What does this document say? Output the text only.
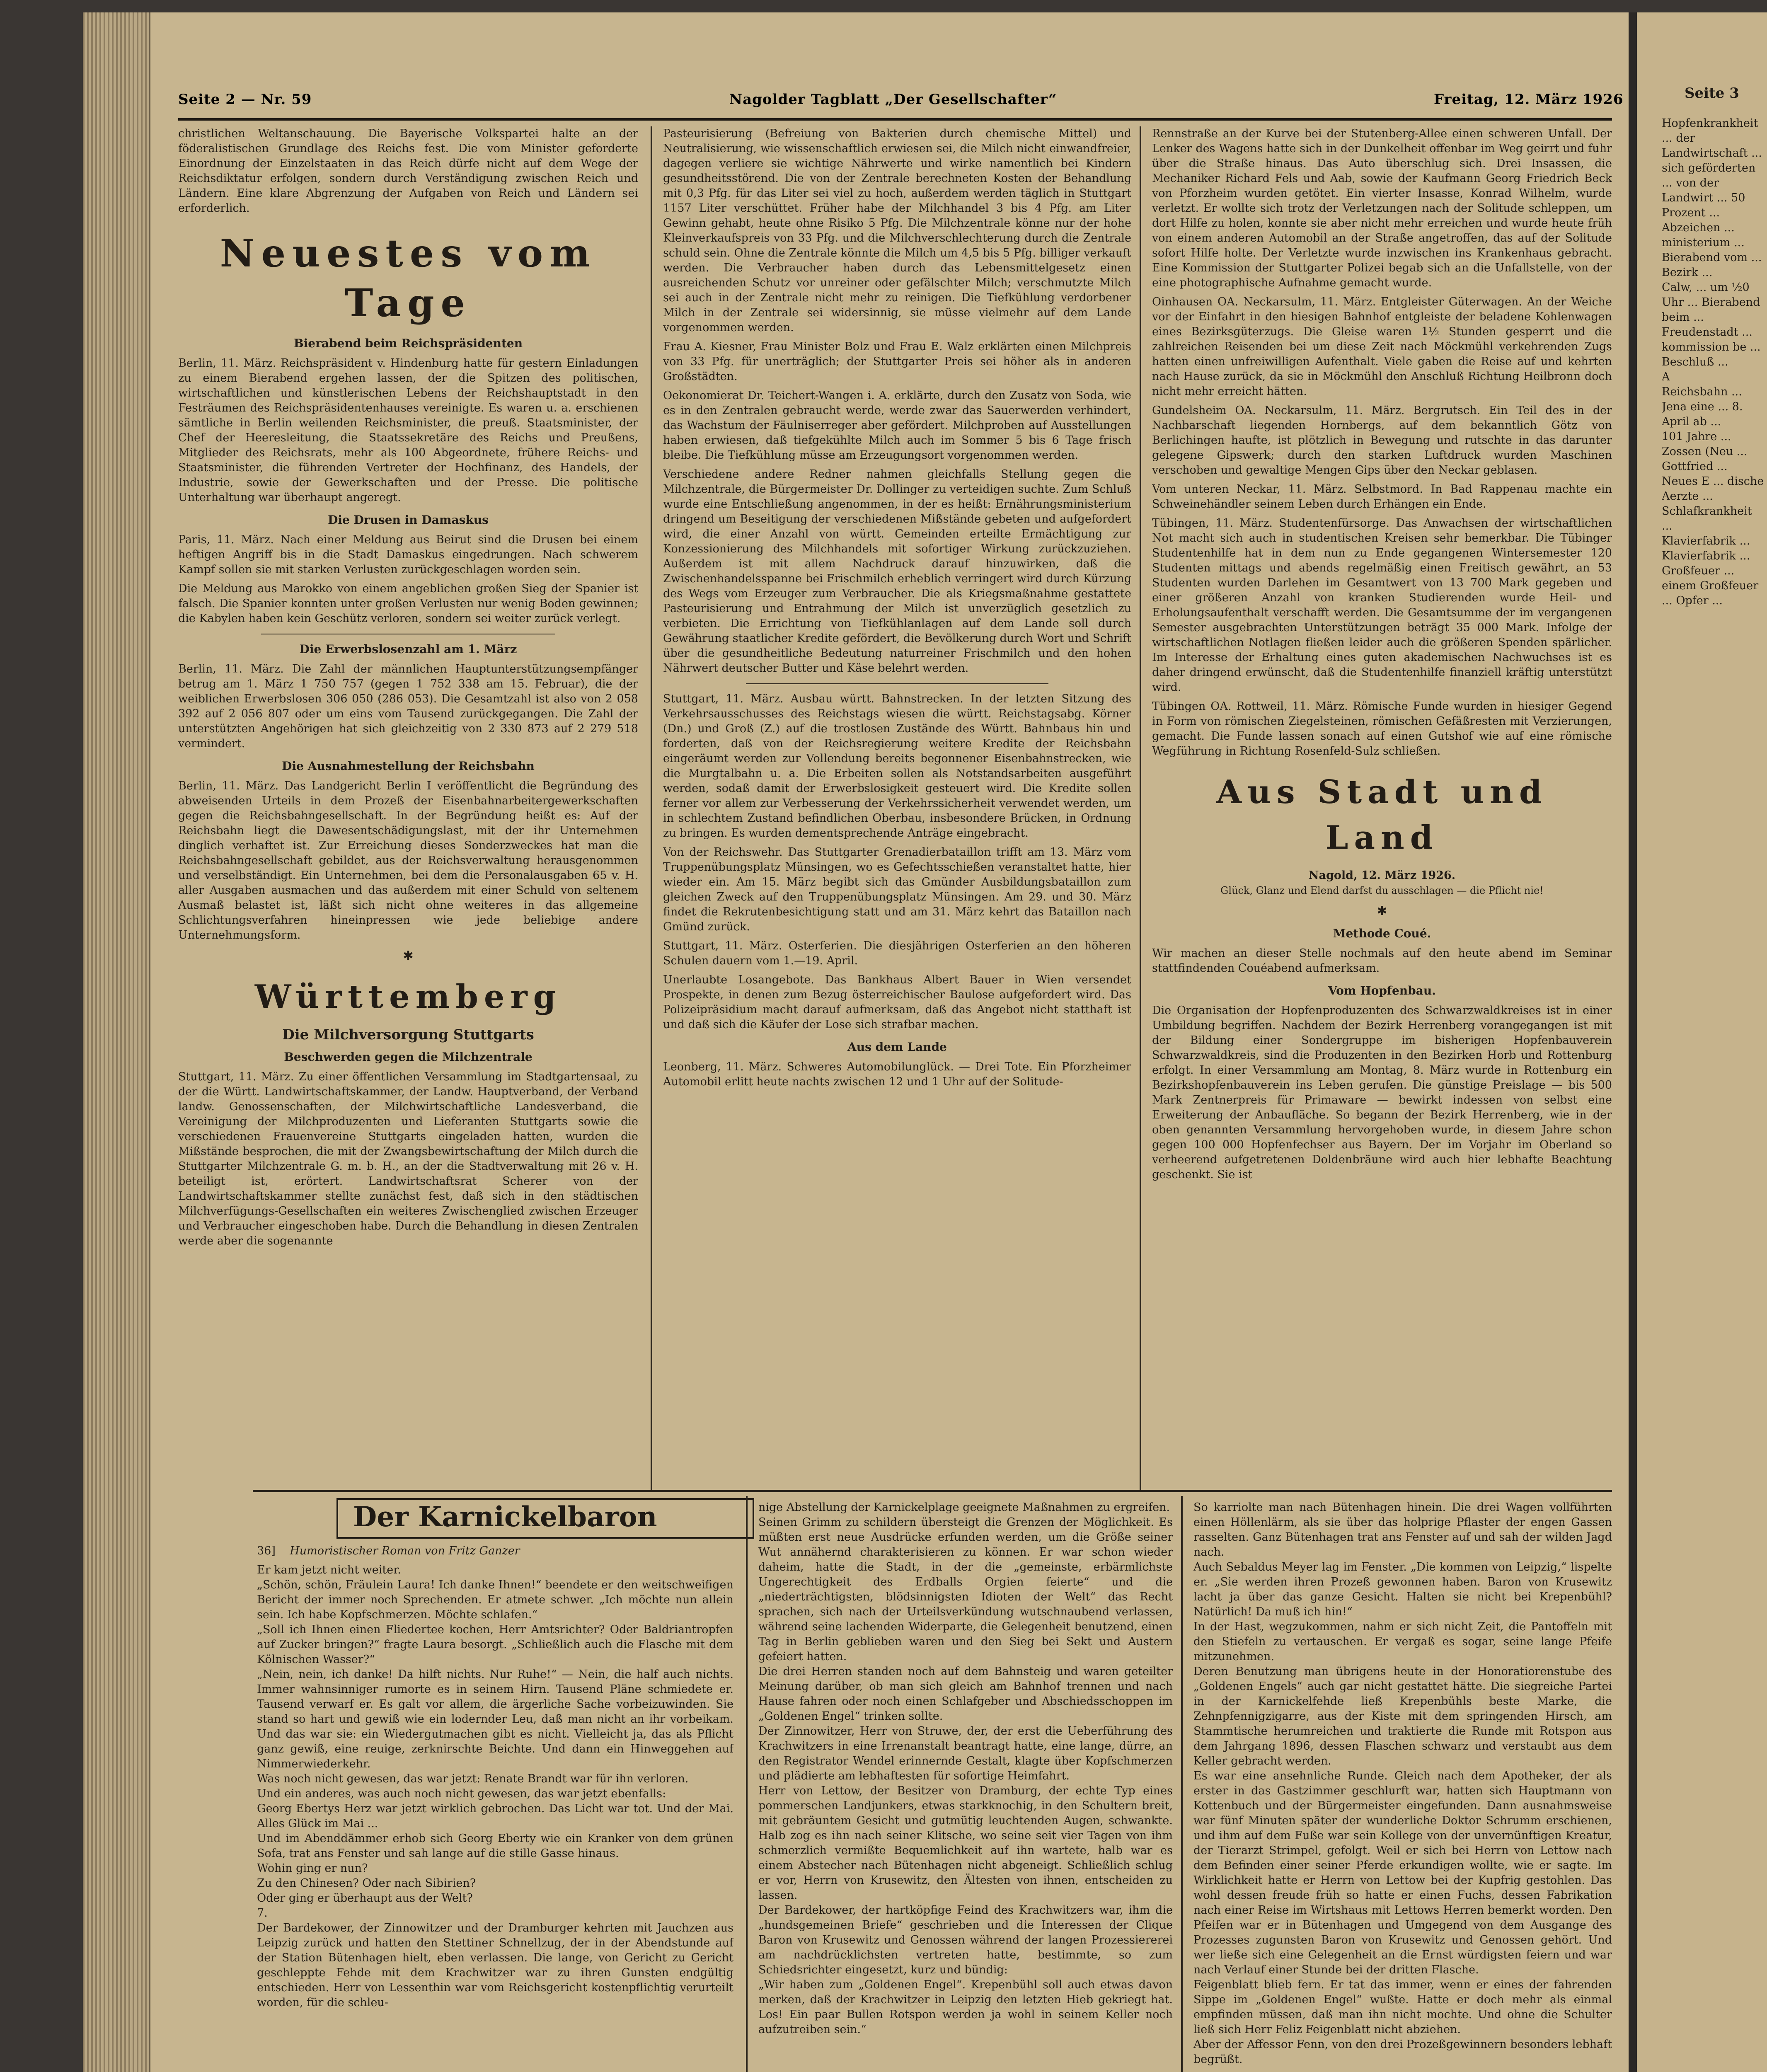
Seite 2 — Nr. 59	Nagolder Tagblatt „Der Gesellschafter“	Freitag, 12. März 1926

christlichen Weltanschauung. Die Bayerische Volkspartei halte an der föderalistischen Grundlage des Reichs fest. Die vom Minister geforderte Einordnung der Einzelstaaten in das Reich dürfe nicht auf dem Wege der Reichsdiktatur erfolgen, sondern durch Verständigung zwischen Reich und Ländern. Eine klare Abgrenzung der Aufgaben von Reich und Ländern sei erforderlich.

Neuestes vom Tage
Bierabend beim Reichspräsidenten

Berlin, 11. März. Reichspräsident v. Hindenburg hatte für gestern Einladungen zu einem Bierabend ergehen lassen, der die Spitzen des politischen, wirtschaftlichen und künstlerischen Lebens der Reichshauptstadt in den Festräumen des Reichspräsidentenhauses vereinigte. Es waren u. a. erschienen sämtliche in Berlin weilenden Reichsminister, die preuß. Staatsminister, der Chef der Heeresleitung, die Staatssekretäre des Reichs und Preußens, Mitglieder des Reichsrats, mehr als 100 Abgeordnete, frühere Reichs- und Staatsminister, die führenden Vertreter der Hochfinanz, des Handels, der Industrie, sowie der Gewerkschaften und der Presse. Die politische Unterhaltung war überhaupt angeregt.

Die Drusen in Damaskus

Paris, 11. März. Nach einer Meldung aus Beirut sind die Drusen bei einem heftigen Angriff bis in die Stadt Damaskus eingedrungen. Nach schwerem Kampf sollen sie mit starken Verlusten zurückgeschlagen worden sein.

Die Meldung aus Marokko von einem angeblichen großen Sieg der Spanier ist falsch. Die Spanier konnten unter großen Verlusten nur wenig Boden gewinnen; die Kabylen haben kein Geschütz verloren, sondern sei weiter zurück verlegt.

Die Erwerbslosenzahl am 1. März

Berlin, 11. März. Die Zahl der männlichen Hauptunterstützungsempfänger betrug am 1. März 1 750 757 (gegen 1 752 338 am 15. Februar), die der weiblichen Erwerbslosen 306 050 (286 053). Die Gesamtzahl ist also von 2 058 392 auf 2 056 807 oder um eins vom Tausend zurückgegangen. Die Zahl der unterstützten Angehörigen hat sich gleichzeitig von 2 330 873 auf 2 279 518 vermindert.

Die Ausnahmestellung der Reichsbahn

Berlin, 11. März. Das Landgericht Berlin I veröffentlicht die Begründung des abweisenden Urteils in dem Prozeß der Eisenbahnarbeitergewerkschaften gegen die Reichsbahngesellschaft. In der Begründung heißt es: Auf der Reichsbahn liegt die Dawesentschädigungslast, mit der ihr Unternehmen dinglich verhaftet ist. Zur Erreichung dieses Sonderzweckes hat man die Reichsbahngesellschaft gebildet, aus der Reichsverwaltung herausgenommen und verselbständigt. Ein Unternehmen, bei dem die Personalausgaben 65 v. H. aller Ausgaben ausmachen und das außerdem mit einer Schuld von seltenem Ausmaß belastet ist, läßt sich nicht ohne weiteres in das allgemeine Schlichtungsverfahren hineinpressen wie jede beliebige andere Unternehmungsform.

✱
Württemberg
Die Milchversorgung Stuttgarts
Beschwerden gegen die Milchzentrale

Stuttgart, 11. März. Zu einer öffentlichen Versammlung im Stadtgartensaal, zu der die Württ. Landwirtschaftskammer, der Landw. Hauptverband, der Verband landw. Genossenschaften, der Milchwirtschaftliche Landesverband, die Vereinigung der Milchproduzenten und Lieferanten Stuttgarts sowie die verschiedenen Frauenvereine Stuttgarts eingeladen hatten, wurden die Mißstände besprochen, die mit der Zwangsbewirtschaftung der Milch durch die Stuttgarter Milchzentrale G. m. b. H., an der die Stadtverwaltung mit 26 v. H. beteiligt ist, erörtert. Landwirtschaftsrat Scherer von der Landwirtschaftskammer stellte zunächst fest, daß sich in den städtischen Milchverfügungs-Gesellschaften ein weiteres Zwischenglied zwischen Erzeuger und Verbraucher eingeschoben habe. Durch die Behandlung in diesen Zentralen werde aber die sogenannte

Pasteurisierung (Befreiung von Bakterien durch chemische Mittel) und Neutralisierung, wie wissenschaftlich erwiesen sei, die Milch nicht einwandfreier, dagegen verliere sie wichtige Nährwerte und wirke namentlich bei Kindern gesundheitsstörend. Die von der Zentrale berechneten Kosten der Behandlung mit 0,3 Pfg. für das Liter sei viel zu hoch, außerdem werden täglich in Stuttgart 1157 Liter verschüttet. Früher habe der Milchhandel 3 bis 4 Pfg. am Liter Gewinn gehabt, heute ohne Risiko 5 Pfg. Die Milchzentrale könne nur der hohe Kleinverkaufspreis von 33 Pfg. und die Milchverschlechterung durch die Zentrale schuld sein. Ohne die Zentrale könnte die Milch um 4,5 bis 5 Pfg. billiger verkauft werden. Die Verbraucher haben durch das Lebensmittelgesetz einen ausreichenden Schutz vor unreiner oder gefälschter Milch; verschmutzte Milch sei auch in der Zentrale nicht mehr zu reinigen. Die Tiefkühlung verdorbener Milch in der Zentrale sei widersinnig, sie müsse vielmehr auf dem Lande vorgenommen werden.

Frau A. Kiesner, Frau Minister Bolz und Frau E. Walz erklärten einen Milchpreis von 33 Pfg. für unerträglich; der Stuttgarter Preis sei höher als in anderen Großstädten.

Oekonomierat Dr. Teichert-Wangen i. A. erklärte, durch den Zusatz von Soda, wie es in den Zentralen gebraucht werde, werde zwar das Sauerwerden verhindert, das Wachstum der Fäulniserreger aber gefördert. Milchproben auf Ausstellungen haben erwiesen, daß tiefgekühlte Milch auch im Sommer 5 bis 6 Tage frisch bleibe. Die Tiefkühlung müsse am Erzeugungsort vorgenommen werden.

Verschiedene andere Redner nahmen gleichfalls Stellung gegen die Milchzentrale, die Bürgermeister Dr. Dollinger zu verteidigen suchte. Zum Schluß wurde eine Entschließung angenommen, in der es heißt: Ernährungsministerium dringend um Beseitigung der verschiedenen Mißstände gebeten und aufgefordert wird, die einer Anzahl von württ. Gemeinden erteilte Ermächtigung zur Konzessionierung des Milchhandels mit sofortiger Wirkung zurückzuziehen. Außerdem ist mit allem Nachdruck darauf hinzuwirken, daß die Zwischenhandelsspanne bei Frischmilch erheblich verringert wird durch Kürzung des Wegs vom Erzeuger zum Verbraucher. Die als Kriegsmaßnahme gestattete Pasteurisierung und Entrahmung der Milch ist unverzüglich gesetzlich zu verbieten. Die Errichtung von Tiefkühlanlagen auf dem Lande soll durch Gewährung staatlicher Kredite gefördert, die Bevölkerung durch Wort und Schrift über die gesundheitliche Bedeutung naturreiner Frischmilch und den hohen Nährwert deutscher Butter und Käse belehrt werden.

Stuttgart, 11. März. Ausbau württ. Bahnstrecken. In der letzten Sitzung des Verkehrsausschusses des Reichstags wiesen die württ. Reichstagsabg. Körner (Dn.) und Groß (Z.) auf die trostlosen Zustände des Württ. Bahnbaus hin und forderten, daß von der Reichsregierung weitere Kredite der Reichsbahn eingeräumt werden zur Vollendung bereits begonnener Eisenbahnstrecken, wie die Murgtalbahn u. a. Die Erbeiten sollen als Notstandsarbeiten ausgeführt werden, sodaß damit der Erwerbslosigkeit gesteuert wird. Die Kredite sollen ferner vor allem zur Verbesserung der Verkehrssicherheit verwendet werden, um in schlechtem Zustand befindlichen Oberbau, insbesondere Brücken, in Ordnung zu bringen. Es wurden dementsprechende Anträge eingebracht.

Von der Reichswehr. Das Stuttgarter Grenadierbataillon trifft am 13. März vom Truppenübungsplatz Münsingen, wo es Gefechtsschießen veranstaltet hatte, hier wieder ein. Am 15. März begibt sich das Gmünder Ausbildungsbataillon zum gleichen Zweck auf den Truppenübungsplatz Münsingen. Am 29. und 30. März findet die Rekrutenbesichtigung statt und am 31. März kehrt das Bataillon nach Gmünd zurück.

Stuttgart, 11. März. Osterferien. Die diesjährigen Osterferien an den höheren Schulen dauern vom 1.—19. April.

Unerlaubte Losangebote. Das Bankhaus Albert Bauer in Wien versendet Prospekte, in denen zum Bezug österreichischer Baulose aufgefordert wird. Das Polizeipräsidium macht darauf aufmerksam, daß das Angebot nicht statthaft ist und daß sich die Käufer der Lose sich strafbar machen.

Aus dem Lande

Leonberg, 11. März. Schweres Automobilunglück. — Drei Tote. Ein Pforzheimer Automobil erlitt heute nachts zwischen 12 und 1 Uhr auf der Solitude-

Rennstraße an der Kurve bei der Stutenberg-Allee einen schweren Unfall. Der Lenker des Wagens hatte sich in der Dunkelheit offenbar im Weg geirrt und fuhr über die Straße hinaus. Das Auto überschlug sich. Drei Insassen, die Mechaniker Richard Fels und Aab, sowie der Kaufmann Georg Friedrich Beck von Pforzheim wurden getötet. Ein vierter Insasse, Konrad Wilhelm, wurde verletzt. Er wollte sich trotz der Verletzungen nach der Solitude schleppen, um dort Hilfe zu holen, konnte sie aber nicht mehr erreichen und wurde heute früh von einem anderen Automobil an der Straße angetroffen, das auf der Solitude sofort Hilfe holte. Der Verletzte wurde inzwischen ins Krankenhaus gebracht. Eine Kommission der Stuttgarter Polizei begab sich an die Unfallstelle, von der eine photographische Aufnahme gemacht wurde.

Oinhausen OA. Neckarsulm, 11. März. Entgleister Güterwagen. An der Weiche vor der Einfahrt in den hiesigen Bahnhof entgleiste der beladene Kohlenwagen eines Bezirksgüterzugs. Die Gleise waren 1½ Stunden gesperrt und die zahlreichen Reisenden bei um diese Zeit nach Möckmühl verkehrenden Zugs hatten einen unfreiwilligen Aufenthalt. Viele gaben die Reise auf und kehrten nach Hause zurück, da sie in Möckmühl den Anschluß Richtung Heilbronn doch nicht mehr erreicht hätten.

Gundelsheim OA. Neckarsulm, 11. März. Bergrutsch. Ein Teil des in der Nachbarschaft liegenden Hornbergs, auf dem bekanntlich Götz von Berlichingen haufte, ist plötzlich in Bewegung und rutschte in das darunter gelegene Gipswerk; durch den starken Luftdruck wurden Maschinen verschoben und gewaltige Mengen Gips über den Neckar geblasen.

Vom unteren Neckar, 11. März. Selbstmord. In Bad Rappenau machte ein Schweinehändler seinem Leben durch Erhängen ein Ende.

Tübingen, 11. März. Studentenfürsorge. Das Anwachsen der wirtschaftlichen Not macht sich auch in studentischen Kreisen sehr bemerkbar. Die Tübinger Studentenhilfe hat in dem nun zu Ende gegangenen Wintersemester 120 Studenten mittags und abends regelmäßig einen Freitisch gewährt, an 53 Studenten wurden Darlehen im Gesamtwert von 13 700 Mark gegeben und einer größeren Anzahl von kranken Studierenden wurde Heil- und Erholungsaufenthalt verschafft werden. Die Gesamtsumme der im vergangenen Semester ausgebrachten Unterstützungen beträgt 35 000 Mark. Infolge der wirtschaftlichen Notlagen fließen leider auch die größeren Spenden spärlicher. Im Interesse der Erhaltung eines guten akademischen Nachwuchses ist es daher dringend erwünscht, daß die Studentenhilfe finanziell kräftig unterstützt wird.

Tübingen OA. Rottweil, 11. März. Römische Funde wurden in hiesiger Gegend in Form von römischen Ziegelsteinen, römischen Gefäßresten mit Verzierungen, gemacht. Die Funde lassen sonach auf einen Gutshof wie auf eine römische Wegführung in Richtung Rosenfeld-Sulz schließen.

Aus Stadt und Land
Nagold, 12. März 1926.
Glück, Glanz und Elend darfst du ausschlagen — die Pflicht nie!
✱
Methode Coué.

Wir machen an dieser Stelle nochmals auf den heute abend im Seminar stattfindenden Couéabend aufmerksam.

Vom Hopfenbau.

Die Organisation der Hopfenproduzenten des Schwarzwaldkreises ist in einer Umbildung begriffen. Nachdem der Bezirk Herrenberg vorangegangen ist mit der Bildung einer Sondergruppe im bisherigen Hopfenbauverein Schwarzwaldkreis, sind die Produzenten in den Bezirken Horb und Rottenburg erfolgt. In einer Versammlung am Montag, 8. März wurde in Rottenburg ein Bezirkshopfenbauverein ins Leben gerufen. Die günstige Preislage — bis 500 Mark Zentnerpreis für Primaware — bewirkt indessen von selbst eine Erweiterung der Anbaufläche. So begann der Bezirk Herrenberg, wie in der oben genannten Versammlung hervorgehoben wurde, in diesem Jahre schon gegen 100 000 Hopfenfechser aus Bayern. Der im Vorjahr im Oberland so verheerend aufgetretenen Doldenbräune wird auch hier lebhafte Beachtung geschenkt. Sie ist

Der Karnickelbaron

36] Humoristischer Roman von Fritz Ganzer

Er kam jetzt nicht weiter.
„Schön, schön, Fräulein Laura! Ich danke Ihnen!“ beendete er den weitschweifigen Bericht der immer noch Sprechenden. Er atmete schwer. „Ich möchte nun allein sein. Ich habe Kopfschmerzen. Möchte schlafen.“
„Soll ich Ihnen einen Fliedertee kochen, Herr Amtsrichter? Oder Baldriantropfen auf Zucker bringen?“ fragte Laura besorgt. „Schließlich auch die Flasche mit dem Kölnischen Wasser?“
„Nein, nein, ich danke! Da hilft nichts. Nur Ruhe!“ — Nein, die half auch nichts. Immer wahnsinniger rumorte es in seinem Hirn. Tausend Pläne schmiedete er. Tausend verwarf er. Es galt vor allem, die ärgerliche Sache vorbeizuwinden. Sie stand so hart und gewiß wie ein lodernder Leu, daß man nicht an ihr vorbeikam. Und das war sie: ein Wiedergutmachen gibt es nicht. Vielleicht ja, das als Pflicht ganz gewiß, eine reuige, zerknirschte Beichte. Und dann ein Hinweggehen auf Nimmerwiederkehr.
Was noch nicht gewesen, das war jetzt: Renate Brandt war für ihn verloren.
Und ein anderes, was auch noch nicht gewesen, das war jetzt ebenfalls:
Georg Ebertys Herz war jetzt wirklich gebrochen. Das Licht war tot. Und der Mai. Alles Glück im Mai ...
Und im Abenddämmer erhob sich Georg Eberty wie ein Kranker von dem grünen Sofa, trat ans Fenster und sah lange auf die stille Gasse hinaus.
Wohin ging er nun?
Zu den Chinesen? Oder nach Sibirien?
Oder ging er überhaupt aus der Welt?
7.
Der Bardekower, der Zinnowitzer und der Dramburger kehrten mit Jauchzen aus Leipzig zurück und hatten den Stettiner Schnellzug, der in der Abendstunde auf der Station Bütenhagen hielt, eben verlassen. Die lange, von Gericht zu Gericht geschleppte Fehde mit dem Krachwitzer war zu ihren Gunsten endgültig entschieden. Herr von Lessenthin war vom Reichsgericht kostenpflichtig verurteilt worden, für die schleu-

nige Abstellung der Karnickelplage geeignete Maßnahmen zu ergreifen.
Seinen Grimm zu schildern übersteigt die Grenzen der Möglichkeit. Es müßten erst neue Ausdrücke erfunden werden, um die Größe seiner Wut annähernd charakterisieren zu können. Er war schon wieder daheim, hatte die Stadt, in der die „gemeinste, erbärmlichste Ungerechtigkeit des Erdballs Orgien feierte“ und die „niederträchtigsten, blödsinnigsten Idioten der Welt“ das Recht sprachen, sich nach der Urteilsverkündung wutschnaubend verlassen, während seine lachenden Widerparte, die Gelegenheit benutzend, einen Tag in Berlin geblieben waren und den Sieg bei Sekt und Austern gefeiert hatten.
Die drei Herren standen noch auf dem Bahnsteig und waren geteilter Meinung darüber, ob man sich gleich am Bahnhof trennen und nach Hause fahren oder noch einen Schlafgeber und Abschiedsschoppen im „Goldenen Engel“ trinken sollte.
Der Zinnowitzer, Herr von Struwe, der, der erst die Ueberführung des Krachwitzers in eine Irrenanstalt beantragt hatte, eine lange, dürre, an den Registrator Wendel erinnernde Gestalt, klagte über Kopfschmerzen und plädierte am lebhaftesten für sofortige Heimfahrt.
Herr von Lettow, der Besitzer von Dramburg, der echte Typ eines pommerschen Landjunkers, etwas starkknochig, in den Schultern breit, mit gebräuntem Gesicht und gutmütig leuchtenden Augen, schwankte. Halb zog es ihn nach seiner Klitsche, wo seine seit vier Tagen von ihm schmerzlich vermißte Bequemlichkeit auf ihn wartete, halb war es einem Abstecher nach Bütenhagen nicht abgeneigt. Schließlich schlug er vor, Herrn von Krusewitz, den Ältesten von ihnen, entscheiden zu lassen.
Der Bardekower, der hartköpfige Feind des Krachwitzers war, ihm die „hundsgemeinen Briefe“ geschrieben und die Interessen der Clique Baron von Krusewitz und Genossen während der langen Prozessiererei am nachdrücklichsten vertreten hatte, bestimmte, so zum Schiedsrichter eingesetzt, kurz und bündig:
„Wir haben zum „Goldenen Engel“. Krepenbühl soll auch etwas davon merken, daß der Krachwitzer in Leipzig den letzten Hieb gekriegt hat. Los! Ein paar Bullen Rotspon werden ja wohl in seinem Keller noch aufzutreiben sein.“

So karriolte man nach Bütenhagen hinein. Die drei Wagen vollführten einen Höllenlärm, als sie über das holprige Pflaster der engen Gassen rasselten. Ganz Bütenhagen trat ans Fenster auf und sah der wilden Jagd nach.
Auch Sebaldus Meyer lag im Fenster. „Die kommen von Leipzig,“ lispelte er. „Sie werden ihren Prozeß gewonnen haben. Baron von Krusewitz lacht ja über das ganze Gesicht. Halten sie nicht bei Krepenbühl? Natürlich! Da muß ich hin!“
In der Hast, wegzukommen, nahm er sich nicht Zeit, die Pantoffeln mit den Stiefeln zu vertauschen. Er vergaß es sogar, seine lange Pfeife mitzunehmen.
Deren Benutzung man übrigens heute in der Honoratiorenstube des „Goldenen Engels“ auch gar nicht gestattet hätte. Die siegreiche Partei in der Karnickelfehde ließ Krepenbühls beste Marke, die Zehnpfennigzigarre, aus der Kiste mit dem springenden Hirsch, am Stammtische herumreichen und traktierte die Runde mit Rotspon aus dem Jahrgang 1896, dessen Flaschen schwarz und verstaubt aus dem Keller gebracht werden.
Es war eine ansehnliche Runde. Gleich nach dem Apotheker, der als erster in das Gastzimmer geschlurft war, hatten sich Hauptmann von Kottenbuch und der Bürgermeister eingefunden. Dann ausnahmsweise war fünf Minuten später der wunderliche Doktor Schrumm erschienen, und ihm auf dem Fuße war sein Kollege von der unvernünftigen Kreatur, der Tierarzt Strimpel, gefolgt. Weil er sich bei Herrn von Lettow nach dem Befinden einer seiner Pferde erkundigen wollte, wie er sagte. Im Wirklichkeit hatte er Herrn von Lettow bei der Kupfrig gestohlen. Das wohl dessen freude früh so hatte er einen Fuchs, dessen Fabrikation nach einer Reise im Wirtshaus mit Lettows Herren bemerkt worden. Den Pfeifen war er in Bütenhagen und Umgegend von dem Ausgange des Prozesses zugunsten Baron von Krusewitz und Genossen gehört. Und wer ließe sich eine Gelegenheit an die Ernst würdigsten feiern und war nach Verlauf einer Stunde bei der dritten Flasche.
Feigenblatt blieb fern. Er tat das immer, wenn er eines der fahrenden Sippe im „Goldenen Engel“ wußte. Hatte er doch mehr als einmal empfinden müssen, daß man ihn nicht mochte. Und ohne die Schulter ließ sich Herr Feliz Feigenblatt nicht abziehen.
Aber der Affessor Fenn, von den drei Prozeßgewinnern besonders lebhaft begrüßt.

Seite 3
Hopfenkrankheit ... der Landwirtschaft ... sich geförderten ... von der Landwirt ... 50 Prozent ...
Abzeichen ... ministerium ... Bierabend vom ... Bezirk ...
Calw, ... um ½0 Uhr ... Bierabend beim ...
Freudenstadt ... kommission be ... Beschluß ...
A
Reichsbahn ... Jena eine ... 8. April ab ...
101 Jahre ... Zossen (Neu ... Gottfried ...
Neues E ... dische Aerzte ... Schlafkrankheit ...
Klavierfabrik ... Klavierfabrik ...
Großfeuer ... einem Großfeuer ... Opfer ...
